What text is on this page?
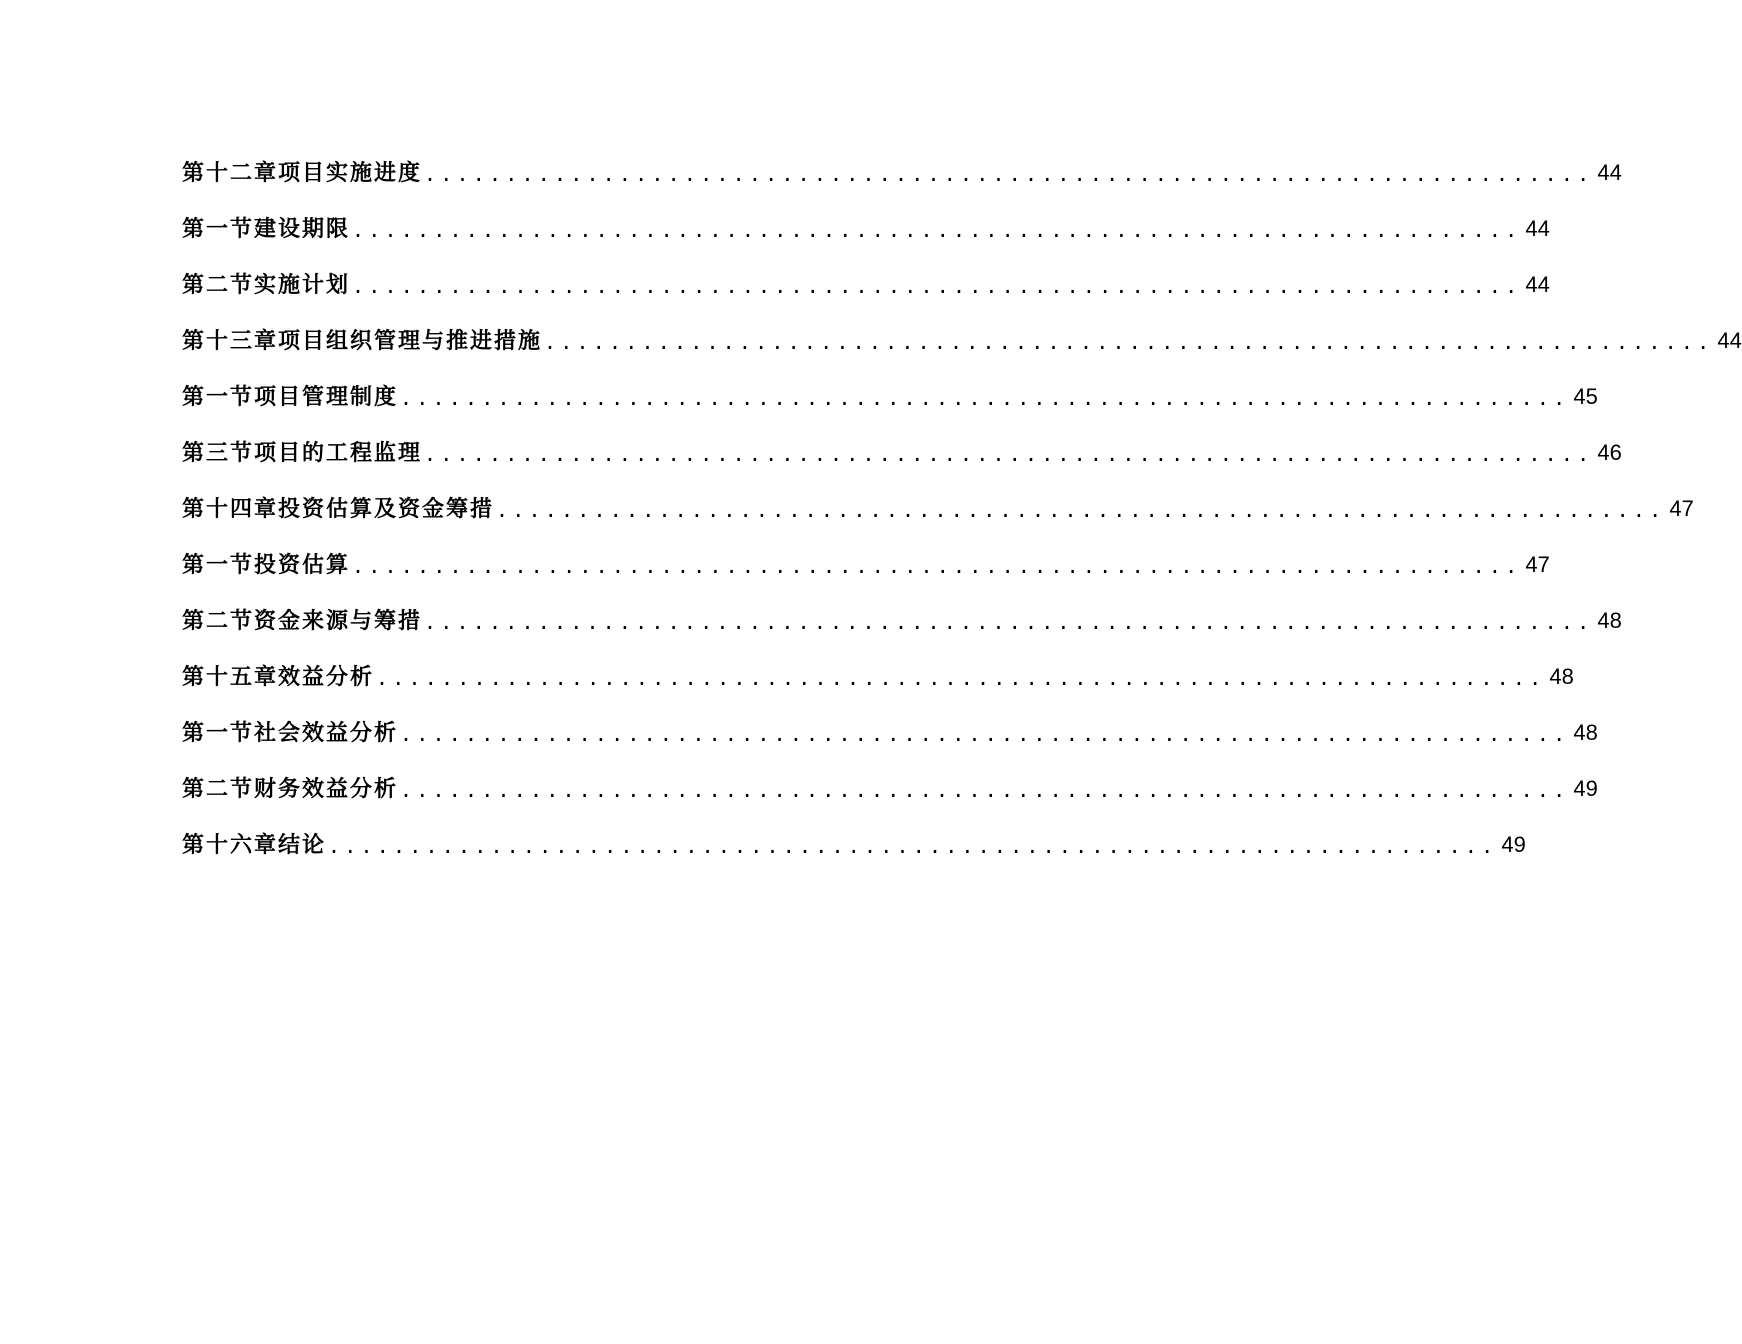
第十二章 项目实施进度 ........................................................................ 44
第一节 建设期限 ........................................................................ 44
第二节 实施计划 ........................................................................ 44
第十三章 项目组织管理与推进措施 ........................................................................ 44
第一节 项目管理制度 ........................................................................ 45
第三节 项目的工程监理 ........................................................................ 46
第十四章 投资估算及资金筹措 ........................................................................ 47
第一节 投资估算 ........................................................................ 47
第二节 资金来源与筹措 ........................................................................ 48
第十五章 效益分析 ........................................................................ 48
第一节 社会效益分析 ........................................................................ 48
第二节 财务效益分析 ........................................................................ 49
第十六章 结论 ........................................................................ 49
